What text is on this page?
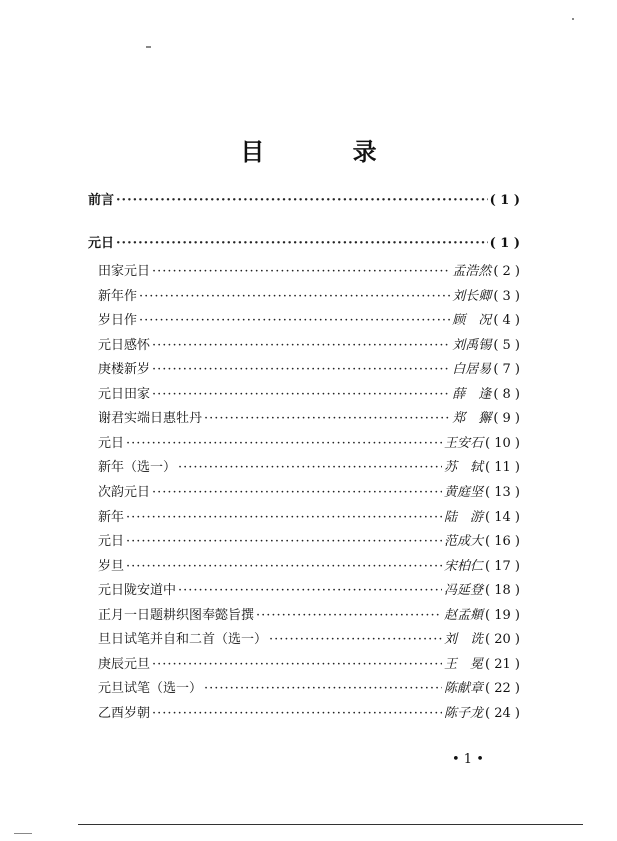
目 录
前言 ·····	( 1 )
元日 ·····	( 1 )
田家元日 ·····	孟浩然 ( 2 )
新年作 ·····	刘长卿 ( 3 )
岁日作 ·····	顾　况 ( 4 )
元日感怀 ·····	刘禹锡 ( 5 )
庚楼新岁 ·····	白居易 ( 7 )
元日田家 ·····	薛　逢 ( 8 )
谢君实端日惠牡丹 ·····	郑　獬 ( 9 )
元日 ·····	王安石 ( 10 )
新年（选一） ·····	苏　轼 ( 11 )
次韵元日 ·····	黄庭坚 ( 13 )
新年 ·····	陆　游 ( 14 )
元日 ·····	范成大 ( 16 )
岁旦 ·····	宋柏仁 ( 17 )
元日陇安道中 ·····	冯延登 ( 18 )
正月一日题耕织图奉懿旨撰 ·····	赵孟頫 ( 19 )
旦日试笔并自和二首（选一） ·····	刘　诜 ( 20 )
庚辰元旦 ·····	王　冕 ( 21 )
元旦试笔（选一） ·····	陈献章 ( 22 )
乙酉岁朝 ·····	陈子龙 ( 24 )
• 1 •
